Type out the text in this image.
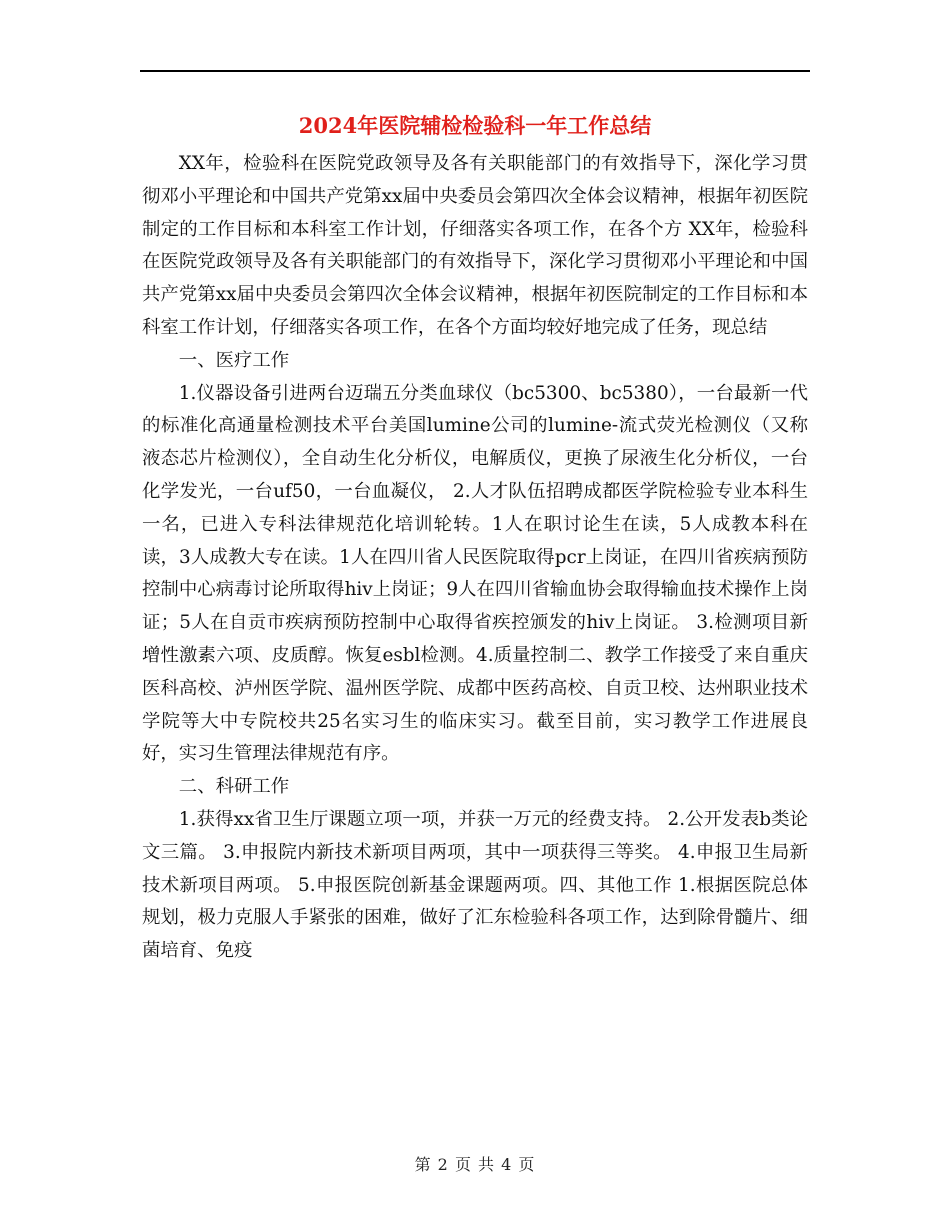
2024年医院辅检检验科一年工作总结

XX年，检验科在医院党政领导及各有关职能部门的有效指导下，深化学习贯彻邓小平理论和中国共产党第xx届中央委员会第四次全体会议精神，根据年初医院制定的工作目标和本科室工作计划，仔细落实各项工作，在各个方 XX年，检验科在医院党政领导及各有关职能部门的有效指导下，深化学习贯彻邓小平理论和中国共产党第xx届中央委员会第四次全体会议精神，根据年初医院制定的工作目标和本科室工作计划，仔细落实各项工作，在各个方面均较好地完成了任务，现总结

一、医疗工作

1.仪器设备引进两台迈瑞五分类血球仪（bc5300、bc5380），一台最新一代的标准化高通量检测技术平台美国lumine公司的lumine-流式荧光检测仪（又称液态芯片检测仪），全自动生化分析仪，电解质仪，更换了尿液生化分析仪，一台化学发光，一台uf50，一台血凝仪， 2.人才队伍招聘成都医学院检验专业本科生一名，已进入专科法律规范化培训轮转。1人在职讨论生在读，5人成教本科在读，3人成教大专在读。1人在四川省人民医院取得pcr上岗证，在四川省疾病预防控制中心病毒讨论所取得hiv上岗证；9人在四川省输血协会取得输血技术操作上岗证；5人在自贡市疾病预防控制中心取得省疾控颁发的hiv上岗证。 3.检测项目新增性激素六项、皮质醇。恢复esbl检测。4.质量控制二、教学工作接受了来自重庆医科高校、泸州医学院、温州医学院、成都中医药高校、自贡卫校、达州职业技术学院等大中专院校共25名实习生的临床实习。截至目前，实习教学工作进展良好，实习生管理法律规范有序。

二、科研工作

1.获得xx省卫生厅课题立项一项，并获一万元的经费支持。 2.公开发表b类论文三篇。 3.申报院内新技术新项目两项，其中一项获得三等奖。 4.申报卫生局新技术新项目两项。 5.申报医院创新基金课题两项。四、其他工作 1.根据医院总体规划，极力克服人手紧张的困难，做好了汇东检验科各项工作，达到除骨髓片、细菌培育、免疫

第 2 页 共 4 页
